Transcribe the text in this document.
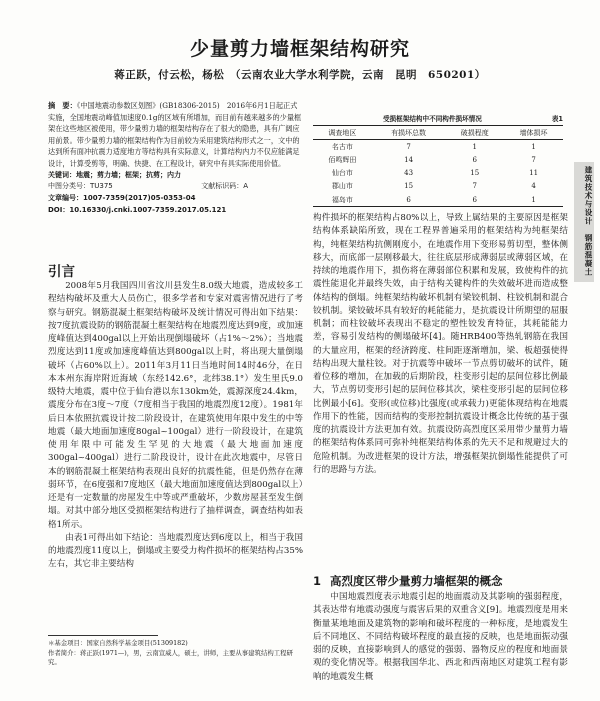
少量剪力墙框架结构研究
蒋正跃，付云松，杨松　（云南农业大学水利学院，云南　昆明　650201）
摘　要：《中国地震动参数区划图》(GB18306-2015)　2016年6月1日起正式实施，全国地震动峰值加速度0.1g的区域有所增加，而目前有越来越多的少量框架在这些地区被使用，带少量剪力墙的框架结构存在了很大的隐患，具有广阔应用前景。带少量剪力墙的框架结构作为目前较为采用建筑结构形式之一，文中的达到所有面冲抗震力适度地方等结构具有实际意义，计算结构内力不仅应能满足设计，计算受剪等，明确、快捷、在工程设计，研究中有具实际使用价值。
关键词：地震；剪力墙；框架；抗剪；内力
中图分类号：TU375	文献标识码：A
文章编号：1007-7359(2017)05-0353-04
DOI：10.16330/j.cnki.1007-7359.2017.05.121
引言

2008年5月我国四川省汶川县发生8.0级大地震，造成较多工程结构破坏及重大人员伤亡，很多学者和专家对震害情况进行了考察与研究。钢筋混凝土框架结构破坏及统计情况可得出如下结果：按7度抗震设防的钢筋混凝土框架结构在地震烈度达到9度，或加速度峰值达到400gal以上开始出现倒塌破坏（占1%～2%）；当地震烈度达到11度或加速度峰值达到800gal以上时，将出现大量倒塌破坏（占60%以上）。2011年3月11日当地时间14时46分，在日本本州东海岸附近海域（东经142.6°，北纬38.1°）发生里氏9.0级特大地震，震中位于仙台港以东130km处，震源深度24.4km，震度分布在3度～7度（7度相当于我国的地震烈度12度）。1981年后日本依照抗震设计按二阶段设计，在建筑使用年限中发生的中等地震（最大地面加速度80gal~100gal）进行一阶段设计，在建筑使用年限中可能发生罕见的大地震（最大地面加速度300gal~400gal）进行二阶段设计，设计在此次地震中，尽管日本的钢筋混凝土框架结构表现出良好的抗震性能，但是仍然存在薄弱环节，在6度强和7度地区（最大地面加速度值达到800gal以上）还是有一定数量的房屋发生中等或严重破坏，少数房屋甚至发生倒塌。对其中部分地区受损框架结构进行了抽样调查，调查结构如表格1所示。

由表1可得出如下结论：当地震烈度达到6度以上，相当于我国的地震烈度11度以上，倒塌或主要受力构件损坏的框架结构占35%左右，其它非主要结构

＊基金项目：国家自然科学基金项目(51309182)
作者简介：蒋正跃(1971—)，男，云南宣威人，硕士，讲师，主要从事建筑结构工程研究。
受损框架结构中不同构件损坏情况	表1
调查地区	有损坏总数	破损程度	墙体损坏
名古市	7	1	1
佰鸣辉田	14	6	7
仙台市	43	15	11
郡山市	15	7	4
福岛市	6	6	1

构件损坏的框架结构占80%以上，导致上属结果的主要原因是框架结构体系缺陷所致，现在工程界普遍采用的框架结构为纯框架结构，纯框架结构抗侧刚度小，在地震作用下变形易剪切型，整体侧移大，而底部一层刚移最大，往往底层形成薄弱层或薄弱区域，在持续的地震作用下，损伤将在薄弱部位积累和发展，致使构件的抗震性能退化并最终失效，由于结构关键构件的失效破坏进而造成整体结构的倒塌。纯框架结构破坏机制有梁铰机制、柱铰机制和混合铰机制。梁铰破坏具有较好的耗能能力，是抗震设计所期望的屈服机制；而柱铰破坏表现出不稳定的塑性铰发育特征，其耗能能力差，容易引发结构的侧塌破坏[4]。随HRB400等热轧钢筋在我国的大量应用，框架的经济跨度、柱间距逐渐增加，梁、板超强使得结构出现大量柱铰。对于抗震等申破坏一节点剪切破坏的试件，随着位移的增加，在加载的后期阶段，柱变形引起的层间位移比例最大，节点剪切变形引起的层间位移其次，梁柱变形引起的层间位移比例最小[6]。变形(或位移)比强度(或承载力)更能体现结构在地震作用下的性能，因而结构的变形控制抗震设计概念比传统的基于强度的抗震设计方法更加有效。抗震设防高烈度区采用带少量剪力墙的框架结构体系同可弥补纯框架结构体系的先天不足和规避过大的危险机制。为改进框架的设计方法，增强框架抗倒塌性能提供了可行的思路与方法。

1 高烈度区带少量剪力墙框架的概念

中国地震烈度表示地震引起的地面震动及其影响的强弱程度，其表达带有地震动强度与震害后果的双重含义[9]。地震烈度是用来衡量某地地面及建筑物的影响和破坏程度的一种标度，是地震发生后不同地区、不同结构破坏程度的最直接的反映，也是地面振动强弱的反映，直接影响到人的感觉的强弱、器物反应的程度和地面景观的变化情况等。根据我国华北、西北和西南地区对建筑工程有影响的地震发生概

建筑技术与设计　钢筋混凝土
